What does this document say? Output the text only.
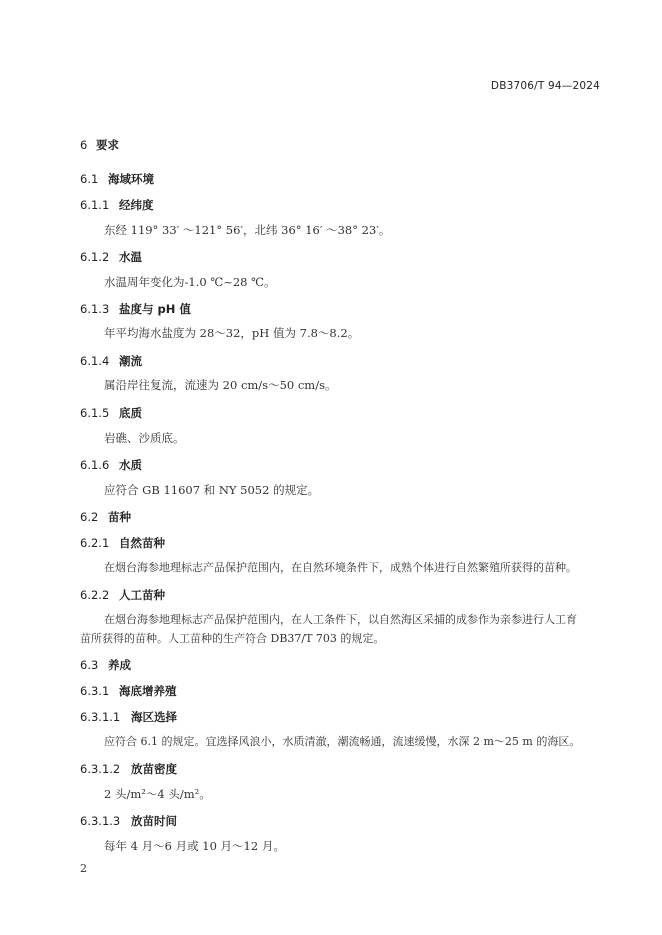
DB3706/T 94—2024
6 要求
6.1 海域环境
6.1.1 经纬度
东经 119° 33′ ～121° 56′，北纬 36° 16′ ～38° 23′。
6.1.2 水温
水温周年变化为-1.0 ℃~28 ℃。
6.1.3 盐度与 pH 值
年平均海水盐度为 28～32，pH 值为 7.8～8.2。
6.1.4 潮流
属沿岸往复流，流速为 20 cm/s～50 cm/s。
6.1.5 底质
岩礁、沙质底。
6.1.6 水质
应符合 GB 11607 和 NY 5052 的规定。
6.2 苗种
6.2.1 自然苗种
在烟台海参地理标志产品保护范围内，在自然环境条件下，成熟个体进行自然繁殖所获得的苗种。
6.2.2 人工苗种
在烟台海参地理标志产品保护范围内，在人工条件下，以自然海区采捕的成参作为亲参进行人工育
苗所获得的苗种。人工苗种的生产符合 DB37/T 703 的规定。
6.3 养成
6.3.1 海底增养殖
6.3.1.1 海区选择
应符合 6.1 的规定。宜选择风浪小，水质清澈，潮流畅通，流速缓慢，水深 2 m～25 m 的海区。
6.3.1.2 放苗密度
2 头/m²～4 头/m²。
6.3.1.3 放苗时间
每年 4 月～6 月或 10 月～12 月。
2
